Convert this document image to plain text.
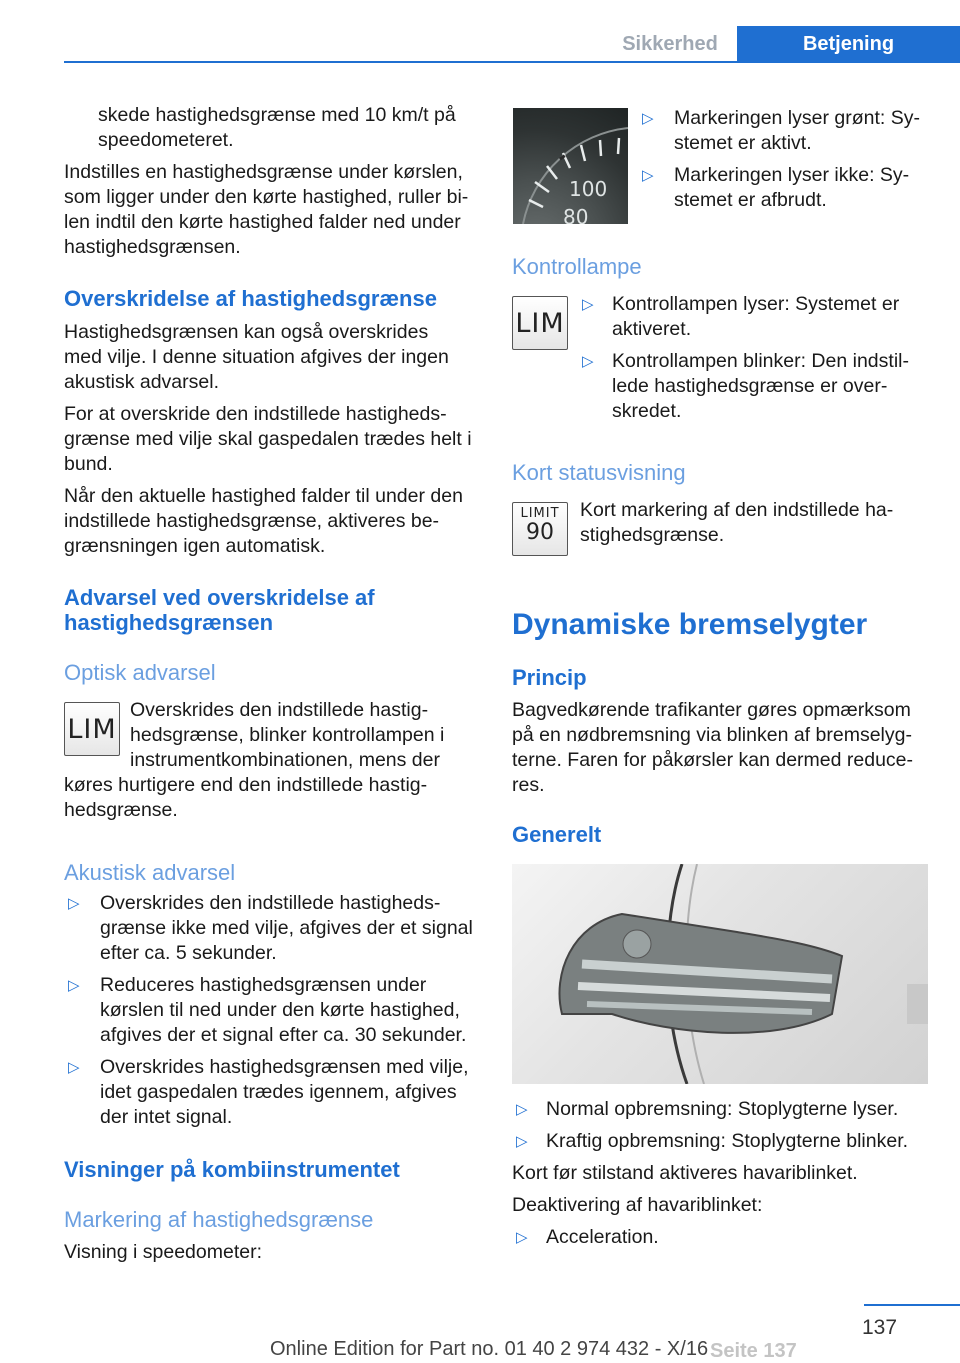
Sikkerhed	Betjening
skede hastighedsgrænse med 10 km/t på
speedometeret.
Indstilles en hastighedsgrænse under kørslen,
som ligger under den kørte hastighed, ruller bi‐
len indtil den kørte hastighed falder ned under
hastighedsgrænsen.
Overskridelse af hastighedsgrænse
Hastighedsgrænsen kan også overskrides
med vilje. I denne situation afgives der ingen
akustisk advarsel.
For at overskride den indstillede hastigheds‐
grænse med vilje skal gaspedalen trædes helt i
bund.
Når den aktuelle hastighed falder til under den
indstillede hastighedsgrænse, aktiveres be‐
grænsningen igen automatisk.
Advarsel ved overskridelse af
hastighedsgrænsen
Optisk advarsel
LIM
Overskrides den indstillede hastig‐
hedsgrænse, blinker kontrollampen i
instrumentkombinationen, mens der
køres hurtigere end den indstillede hastig‐
hedsgrænse.
Akustisk advarsel
▷ Overskrides den indstillede hastigheds‐
grænse ikke med vilje, afgives der et signal
efter ca. 5 sekunder.
▷ Reduceres hastighedsgrænsen under
kørslen til ned under den kørte hastighed,
afgives der et signal efter ca. 30 sekunder.
▷ Overskrides hastighedsgrænsen med vilje,
idet gaspedalen trædes igennem, afgives
der intet signal.
Visninger på kombiinstrumentet
Markering af hastighedsgrænse
Visning i speedometer:
100
80
▷ Markeringen lyser grønt: Sy‐
stemet er aktivt.
▷ Markeringen lyser ikke: Sy‐
stemet er afbrudt.
Kontrollampe
LIM
▷ Kontrollampen lyser: Systemet er
aktiveret.
▷ Kontrollampen blinker: Den indstil‐
lede hastighedsgrænse er over‐
skredet.
Kort statusvisning
LIMIT
90
Kort markering af den indstillede ha‐
stighedsgrænse.
Dynamiske bremselygter
Princip
Bagvedkørende trafikanter gøres opmærksom
på en nødbremsning via blinken af bremselyg‐
terne. Faren for påkørsler kan dermed reduce‐
res.
Generelt
▷ Normal opbremsning: Stoplygterne lyser.
▷ Kraftig opbremsning: Stoplygterne blinker.
Kort før stilstand aktiveres havariblinket.
Deaktivering af havariblinket:
▷ Acceleration.
137
Seite 137
Online Edition for Part no. 01 40 2 974 432 - X/16
